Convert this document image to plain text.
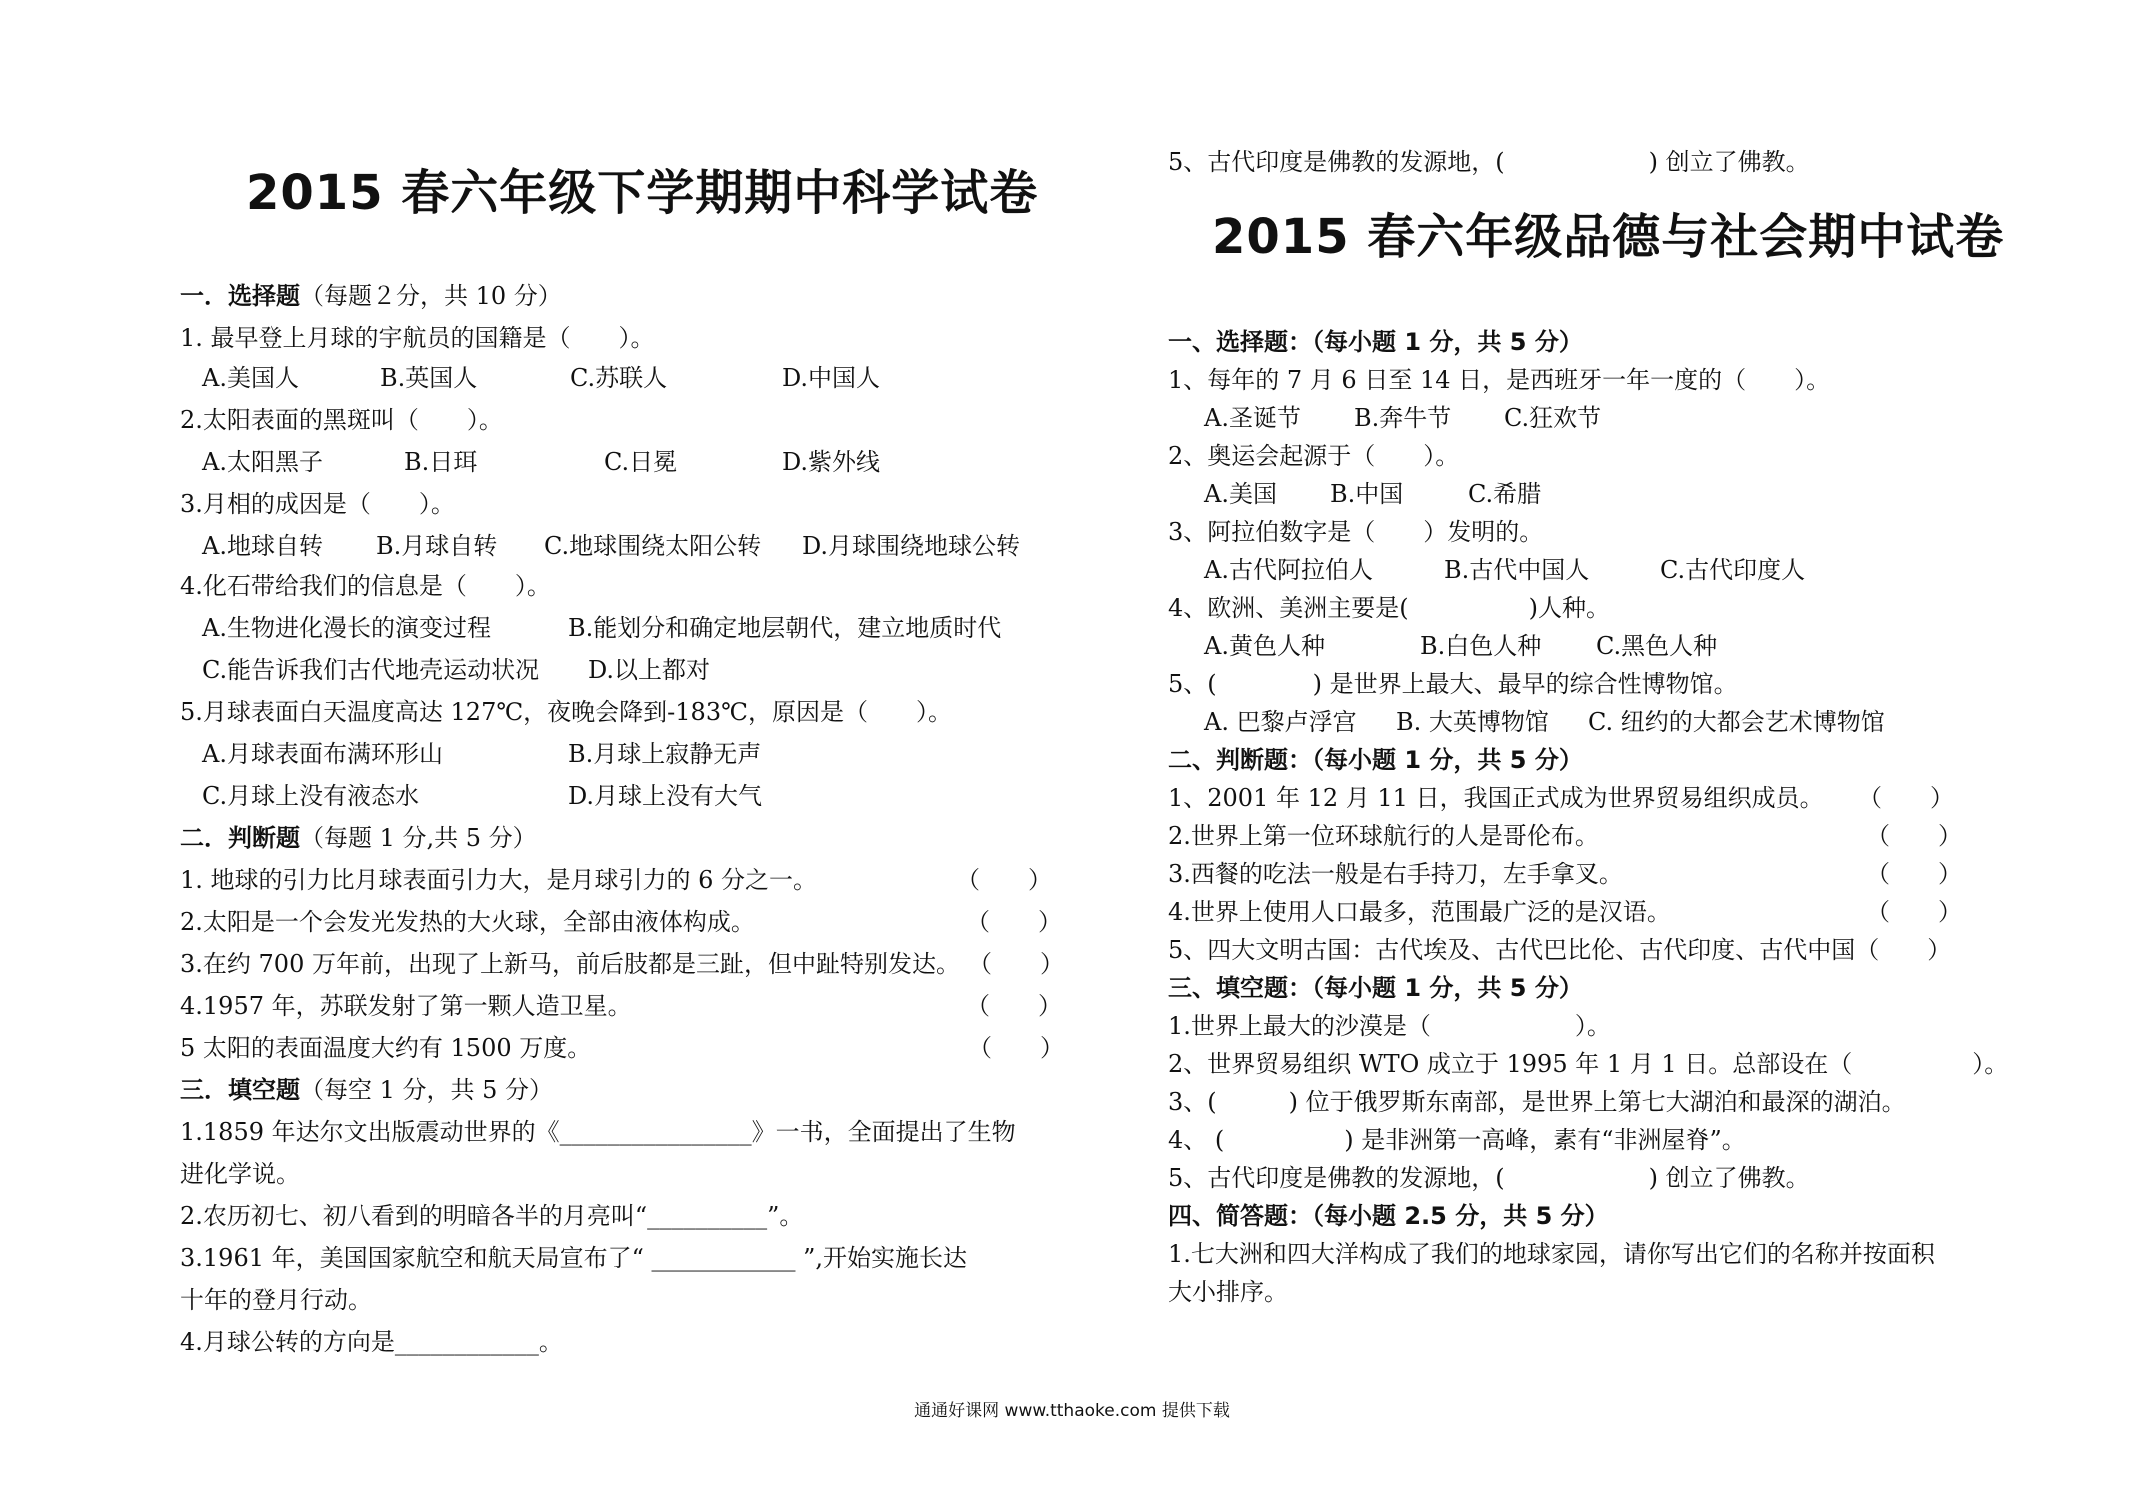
2015 春六年级下学期期中科学试卷
一．选择题（每题２分，共 10 分）
1. 最早登上月球的宇航员的国籍是（　　）。
A.美国人	B.英国人	C.苏联人	D.中国人
2.太阳表面的黑斑叫（　　）。
A.太阳黑子	B.日珥	C.日冕	D.紫外线
3.月相的成因是（　　）。
A.地球自转 B.月球自转 C.地球围绕太阳公转 D.月球围绕地球公转
4.化石带给我们的信息是（　　）。
A.生物进化漫长的演变过程	B.能划分和确定地层朝代，建立地质时代
C.能告诉我们古代地壳运动状况 D.以上都对
5.月球表面白天温度高达 127℃，夜晚会降到-183℃，原因是（　　）。
A.月球表面布满环形山	B.月球上寂静无声
C.月球上没有液态水	D.月球上没有大气
二．判断题（每题 1 分,共 5 分）
1. 地球的引力比月球表面引力大，是月球引力的 6 分之一。	（　　）
2.太阳是一个会发光发热的大火球，全部由液体构成。	（　　）
3.在约 700 万年前，出现了上新马，前后肢都是三趾，但中趾特别发达。 （　　）
4.1957 年，苏联发射了第一颗人造卫星。	（　　）
5 太阳的表面温度大约有 1500 万度。	（　　）
三．填空题（每空 1 分，共 5 分）
1.1859 年达尔文出版震动世界的《________________》一书，全面提出了生物
进化学说。
2.农历初七、初八看到的明暗各半的月亮叫“__________”。
3.1961 年，美国国家航空和航天局宣布了“ ____________ ”,开始实施长达
十年的登月行动。
4.月球公转的方向是____________。
5、古代印度是佛教的发源地，(　　　　　　) 创立了佛教。
2015 春六年级品德与社会期中试卷
一、选择题：（每小题 1 分，共 5 分）
1、每年的 7 月 6 日至 14 日，是西班牙一年一度的（　　）。
A.圣诞节 B.奔牛节 C.狂欢节
2、奥运会起源于（　　）。
A.美国 B.中国	C.希腊
3、阿拉伯数字是（　　）发明的。
A.古代阿拉伯人	B.古代中国人	C.古代印度人
4、欧洲、美洲主要是(　　　　　)人种。
A.黄色人种	B.白色人种 C.黑色人种
5、(　　　　) 是世界上最大、最早的综合性博物馆。
A. 巴黎卢浮宫 B. 大英博物馆 C. 纽约的大都会艺术博物馆
二、判断题：（每小题 1 分，共 5 分）
1、2001 年 12 月 11 日，我国正式成为世界贸易组织成员。 （　　）
2.世界上第一位环球航行的人是哥伦布。	（　　）
3.西餐的吃法一般是右手持刀，左手拿叉。	（　　）
4.世界上使用人口最多，范围最广泛的是汉语。	（　　）
5、四大文明古国：古代埃及、古代巴比伦、古代印度、古代中国（　　）
三、填空题：（每小题 1 分，共 5 分）
1.世界上最大的沙漠是（　　　　　　）。
2、世界贸易组织 WTO 成立于 1995 年 1 月 1 日。总部设在（　　　　　）。
3、(　　　) 位于俄罗斯东南部，是世界上第七大湖泊和最深的湖泊。
4、 (　　　　　) 是非洲第一高峰，素有“非洲屋脊”。
5、古代印度是佛教的发源地，(　　　　　　) 创立了佛教。
四、简答题：（每小题 2.5 分，共 5 分）
1.七大洲和四大洋构成了我们的地球家园，请你写出它们的名称并按面积
大小排序。
通通好课网 www.tthaoke.com 提供下载
